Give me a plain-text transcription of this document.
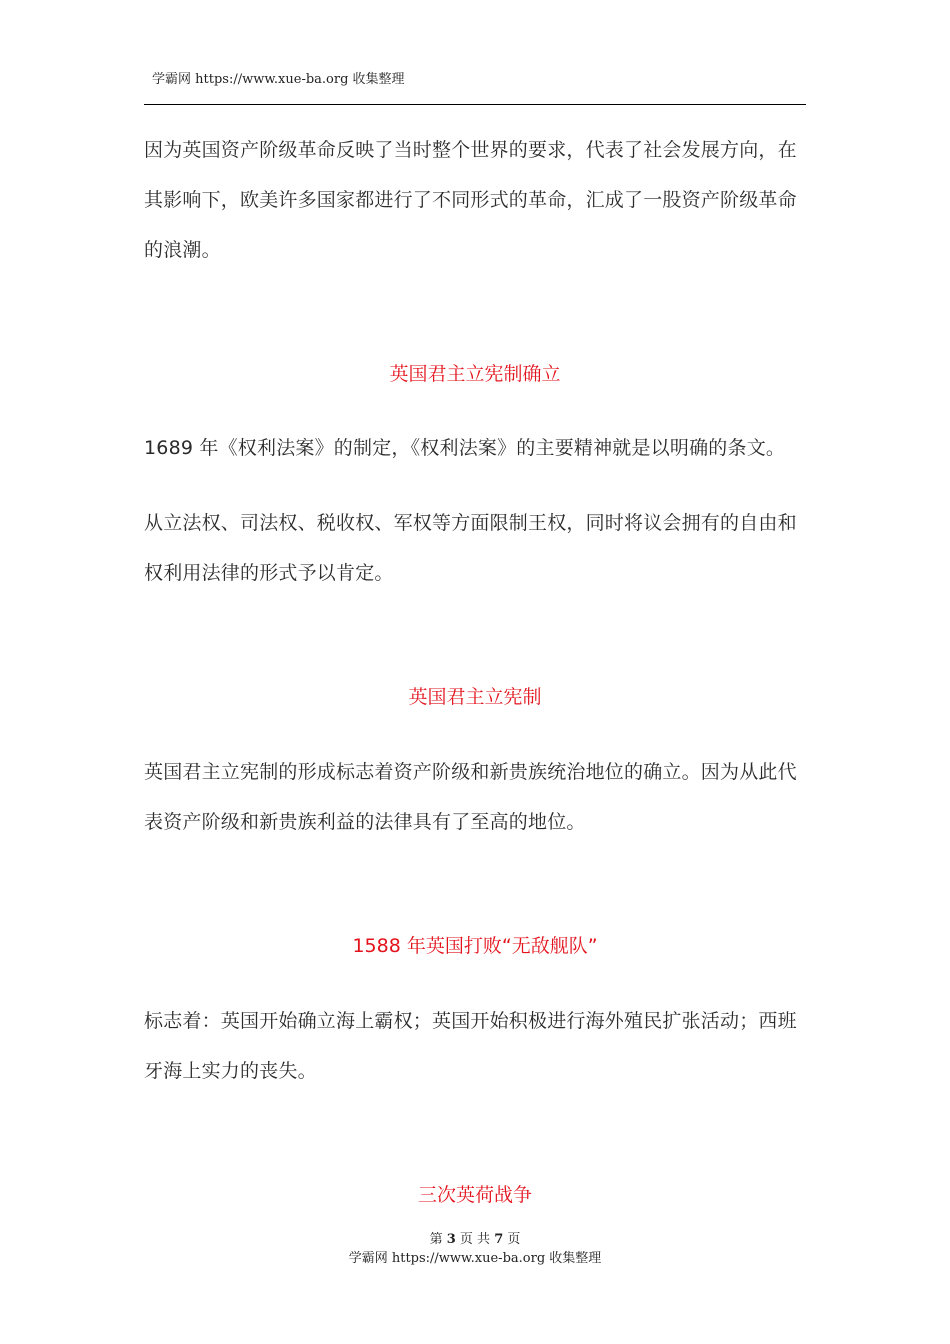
学霸网 https://www.xue-ba.org 收集整理

因为英国资产阶级革命反映了当时整个世界的要求，代表了社会发展方向，在其影响下，欧美许多国家都进行了不同形式的革命，汇成了一股资产阶级革命的浪潮。

英国君主立宪制确立

1689 年《权利法案》的制定，《权利法案》的主要精神就是以明确的条文。

从立法权、司法权、税收权、军权等方面限制王权，同时将议会拥有的自由和权利用法律的形式予以肯定。

英国君主立宪制

英国君主立宪制的形成标志着资产阶级和新贵族统治地位的确立。因为从此代表资产阶级和新贵族利益的法律具有了至高的地位。

1588 年英国打败“无敌舰队”

标志着：英国开始确立海上霸权；英国开始积极进行海外殖民扩张活动；西班牙海上实力的丧失。

三次英荷战争
第 3 页 共 7 页
学霸网 https://www.xue-ba.org 收集整理
